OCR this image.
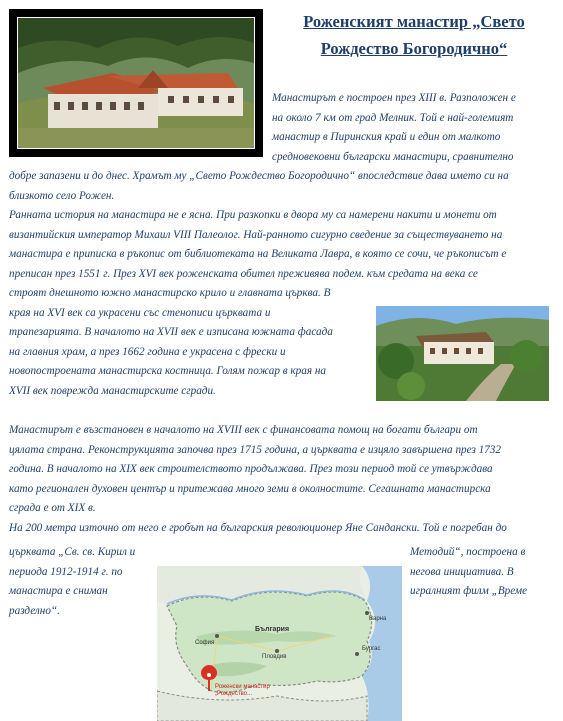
Роженският манастир „Свето
Рождество Богородично“
Манастирът е построен през XIII в. Разположен е
на около 7 км от град Мелник. Той е най-големият
манастир в Пиринския край и един от малкото
средновековни български манастири, сравнително
добре запазени и до днес. Храмът му „Свето Рождество Богородично“ впоследствие дава името си на
близкото село Рожен.
Ранната история на манастира не е ясна. При разкопки в двора му са намерени накити и монети от
византийския император Михаил VIII Палеолог. Най-ранното сигурно сведение за съществуването на
манастира е приписка в ръкопис от библиотеката на Великата Лавра, в която се сочи, че ръкописът е
преписан през 1551 г. През XVI век роженската обител преживява подем. към средата на века се
строят днешното южно манастирско крило и главната църква. В
края на XVI век са украсени със стенописи църквата и
трапезарията. В началото на XVII век е изписана южната фасада
на главния храм, а през 1662 година е украсена с фрески и
новопостроената манастирска костница. Голям пожар в края на
XVII век поврежда манастирските сгради.
Манастирът е възстановен в началото на XVIII век с финансовата помощ на богати българи от
цялата страна. Реконструкцията започва през 1715 година, а църквата е изцяло завършена през 1732
година. В началото на XIX век строителството продължава. През този период той се утвърждава
като регионален духовен център и притежава много земи в околностите. Сегашната манастирска
сграда е от XIX в.
На 200 метра източно от него е гробът на българския революционер Яне Сандански. Той е погребан до
църквата „Св. св. Кирил и
периода 1912-1914 г. по
манастира е сниман
разделно“.
Методий“, построена в
негова инициатива. В
игралният филм „Време
България
София
Пловдив
Варна
Бургас
Роженски манастир
„Рождество...
